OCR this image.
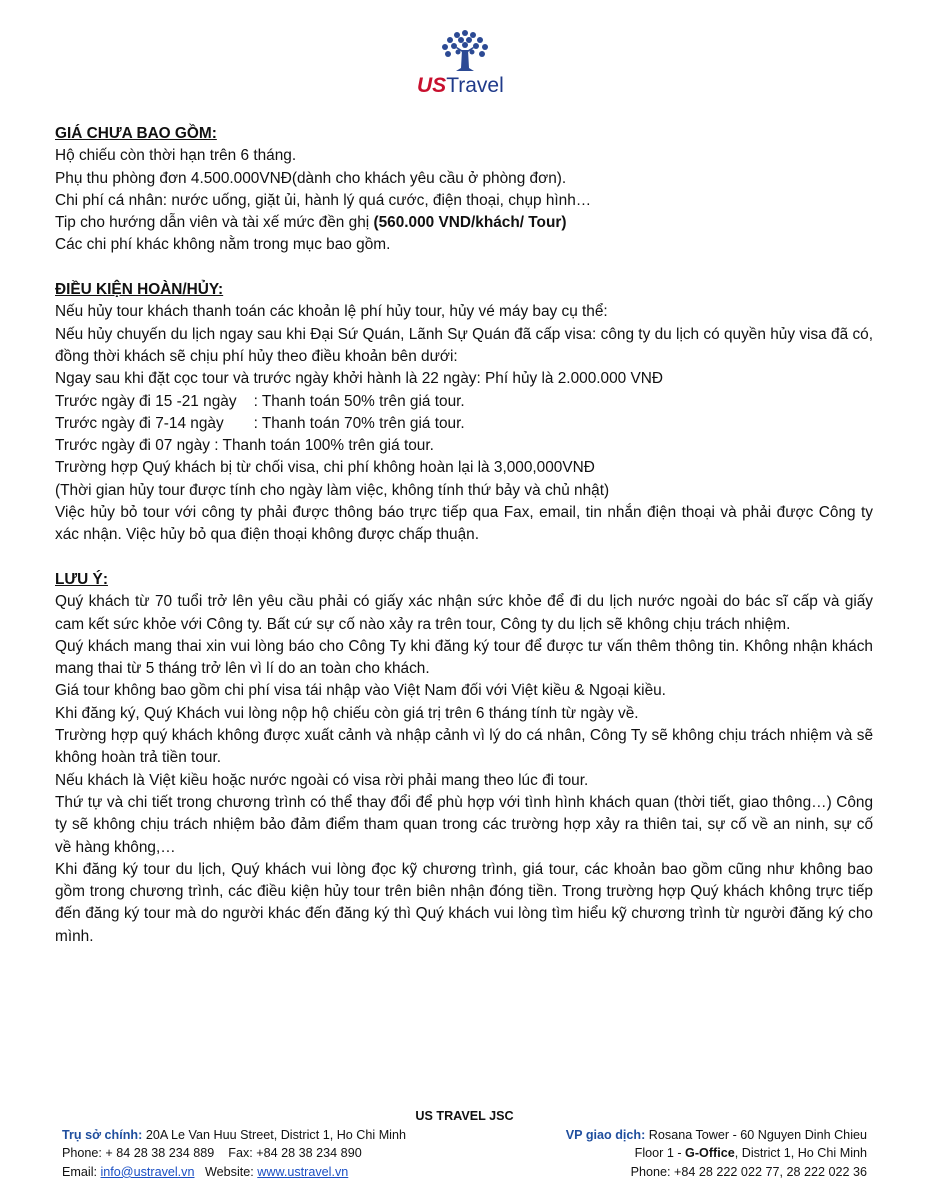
USTravel
GIÁ CHƯA BAO GỒM:
Hộ chiếu còn thời hạn trên 6 tháng.
Phụ thu phòng đơn 4.500.000VNĐ(dành cho khách yêu cầu ở phòng đơn).
Chi phí cá nhân: nước uống, giặt ủi, hành lý quá cước, điện thoại, chụp hình…
Tip cho hướng dẫn viên và tài xế mức đền ghị (560.000 VND/khách/ Tour)
Các chi phí khác không nằm trong mục bao gồm.
ĐIỀU KIỆN HOÀN/HỦY:
Nếu hủy tour khách thanh toán các khoản lệ phí hủy tour, hủy vé máy bay cụ thể:
Nếu hủy chuyến du lịch ngay sau khi Đại Sứ Quán, Lãnh Sự Quán đã cấp visa: công ty du lịch có quyền hủy visa đã có, đồng thời khách sẽ chịu phí hủy theo điều khoản bên dưới:
Ngay sau khi đặt cọc tour và trước ngày khởi hành là 22 ngày: Phí hủy là 2.000.000 VNĐ
Trước ngày đi 15 -21 ngày    : Thanh toán 50% trên giá tour.
Trước ngày đi 7-14 ngày       : Thanh toán 70% trên giá tour.
Trước ngày đi 07 ngày : Thanh toán 100% trên giá tour.
Trường hợp Quý khách bị từ chối visa, chi phí không hoàn lại là 3,000,000VNĐ
(Thời gian hủy tour được tính cho ngày làm việc, không tính thứ bảy và chủ nhật)
Việc hủy bỏ tour với công ty phải được thông báo trực tiếp qua Fax, email, tin nhắn điện thoại và phải được Công ty xác nhận. Việc hủy bỏ qua điện thoại không được chấp thuận.
LƯU Ý:
Quý khách từ 70 tuổi trở lên yêu cầu phải có giấy xác nhận sức khỏe để đi du lịch nước ngoài do bác sĩ cấp và giấy cam kết sức khỏe với Công ty. Bất cứ sự cố nào xảy ra trên tour, Công ty du lịch sẽ không chịu trách nhiệm.
Quý khách mang thai xin vui lòng báo cho Công Ty khi đăng ký tour để được tư vấn thêm thông tin. Không nhận khách mang thai từ 5 tháng trở lên vì lí do an toàn cho khách.
Giá tour không bao gồm chi phí visa tái nhập vào Việt Nam đối với Việt kiều & Ngoại kiều.
Khi đăng ký, Quý Khách vui lòng nộp hộ chiếu còn giá trị trên 6 tháng tính từ ngày về.
Trường hợp quý khách không được xuất cảnh và nhập cảnh vì lý do cá nhân, Công Ty sẽ không chịu trách nhiệm và sẽ không hoàn trả tiền tour.
Nếu khách là Việt kiều hoặc nước ngoài có visa rời phải mang theo lúc đi tour.
Thứ tự và chi tiết trong chương trình có thể thay đổi để phù hợp với tình hình khách quan (thời tiết, giao thông…) Công ty sẽ không chịu trách nhiệm bảo đảm điểm tham quan trong các trường hợp xảy ra thiên tai, sự cố về an ninh, sự cố về hàng không,…
Khi đăng ký tour du lịch, Quý khách vui lòng đọc kỹ chương trình, giá tour, các khoản bao gồm cũng như không bao gồm trong chương trình, các điều kiện hủy tour trên biên nhận đóng tiền. Trong trường hợp Quý khách không trực tiếp đến đăng ký tour mà do người khác đến đăng ký thì Quý khách vui lòng tìm hiểu kỹ chương trình từ người đăng ký cho mình.
US TRAVEL JSC
Trụ sở chính: 20A Le Van Huu Street, District 1, Ho Chi Minh
Phone: + 84 28 38 234 889    Fax: +84 28 38 234 890
Email: info@ustravel.vn   Website: www.ustravel.vn
VP giao dịch: Rosana Tower - 60 Nguyen Dinh Chieu
Floor 1 - G-Office, District 1, Ho Chi Minh
Phone: +84 28 222 022 77, 28 222 022 36
